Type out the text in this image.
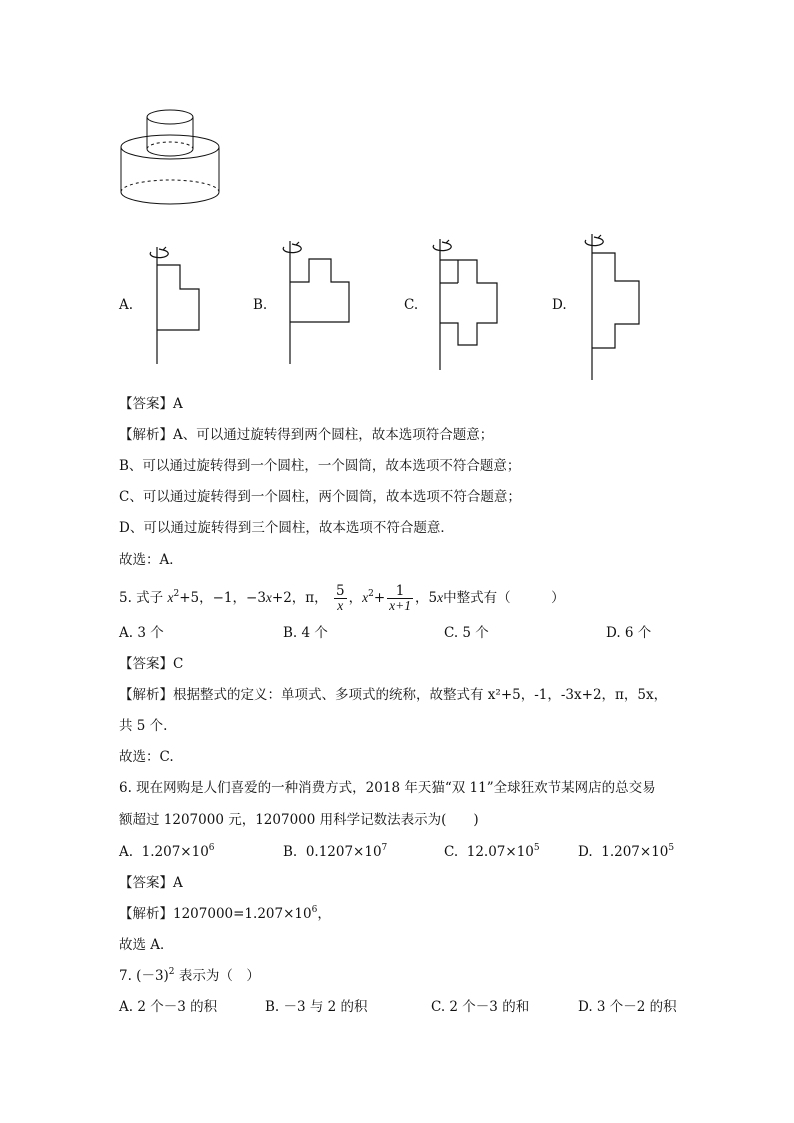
A.	B.	C.	D.
【答案】A
【解析】A、可以通过旋转得到两个圆柱，故本选项符合题意；
B、可以通过旋转得到一个圆柱，一个圆筒，故本选项不符合题意；
C、可以通过旋转得到一个圆柱，两个圆筒，故本选项不符合题意；
D、可以通过旋转得到三个圆柱，故本选项不符合题意．
故选：A．
5. 式子 $x^2+5$，−1，−3x+2，π， $\frac{5}{x}$ ，$x^2+ \frac{1}{x+1}$ ，5x中整式有（　　　）
A. 3 个	B. 4 个	C. 5 个	D. 6 个
【答案】C
【解析】根据整式的定义：单项式、多项式的统称，故整式有 x²+5，-1，-3x+2，π，5x，
共 5 个.
故选：C.
6. 现在网购是人们喜爱的一种消费方式，2018 年天猫“双 11”全球狂欢节某网店的总交易
额超过 1207000 元，1207000 用科学记数法表示为(　　)
A. $1.207\times 10^6$	B. $0.1207\times 10^7$	C. $12.07\times 10^5$	D. $1.207\times 10^5$
【答案】A
【解析】$1207000=1.207\times 10^6$，
故选 A．
7. $(-3)^2$ 表示为（　）
A. 2 个－3 的积	B. －3 与 2 的积	C. 2 个－3 的和	D. 3 个－2 的积
